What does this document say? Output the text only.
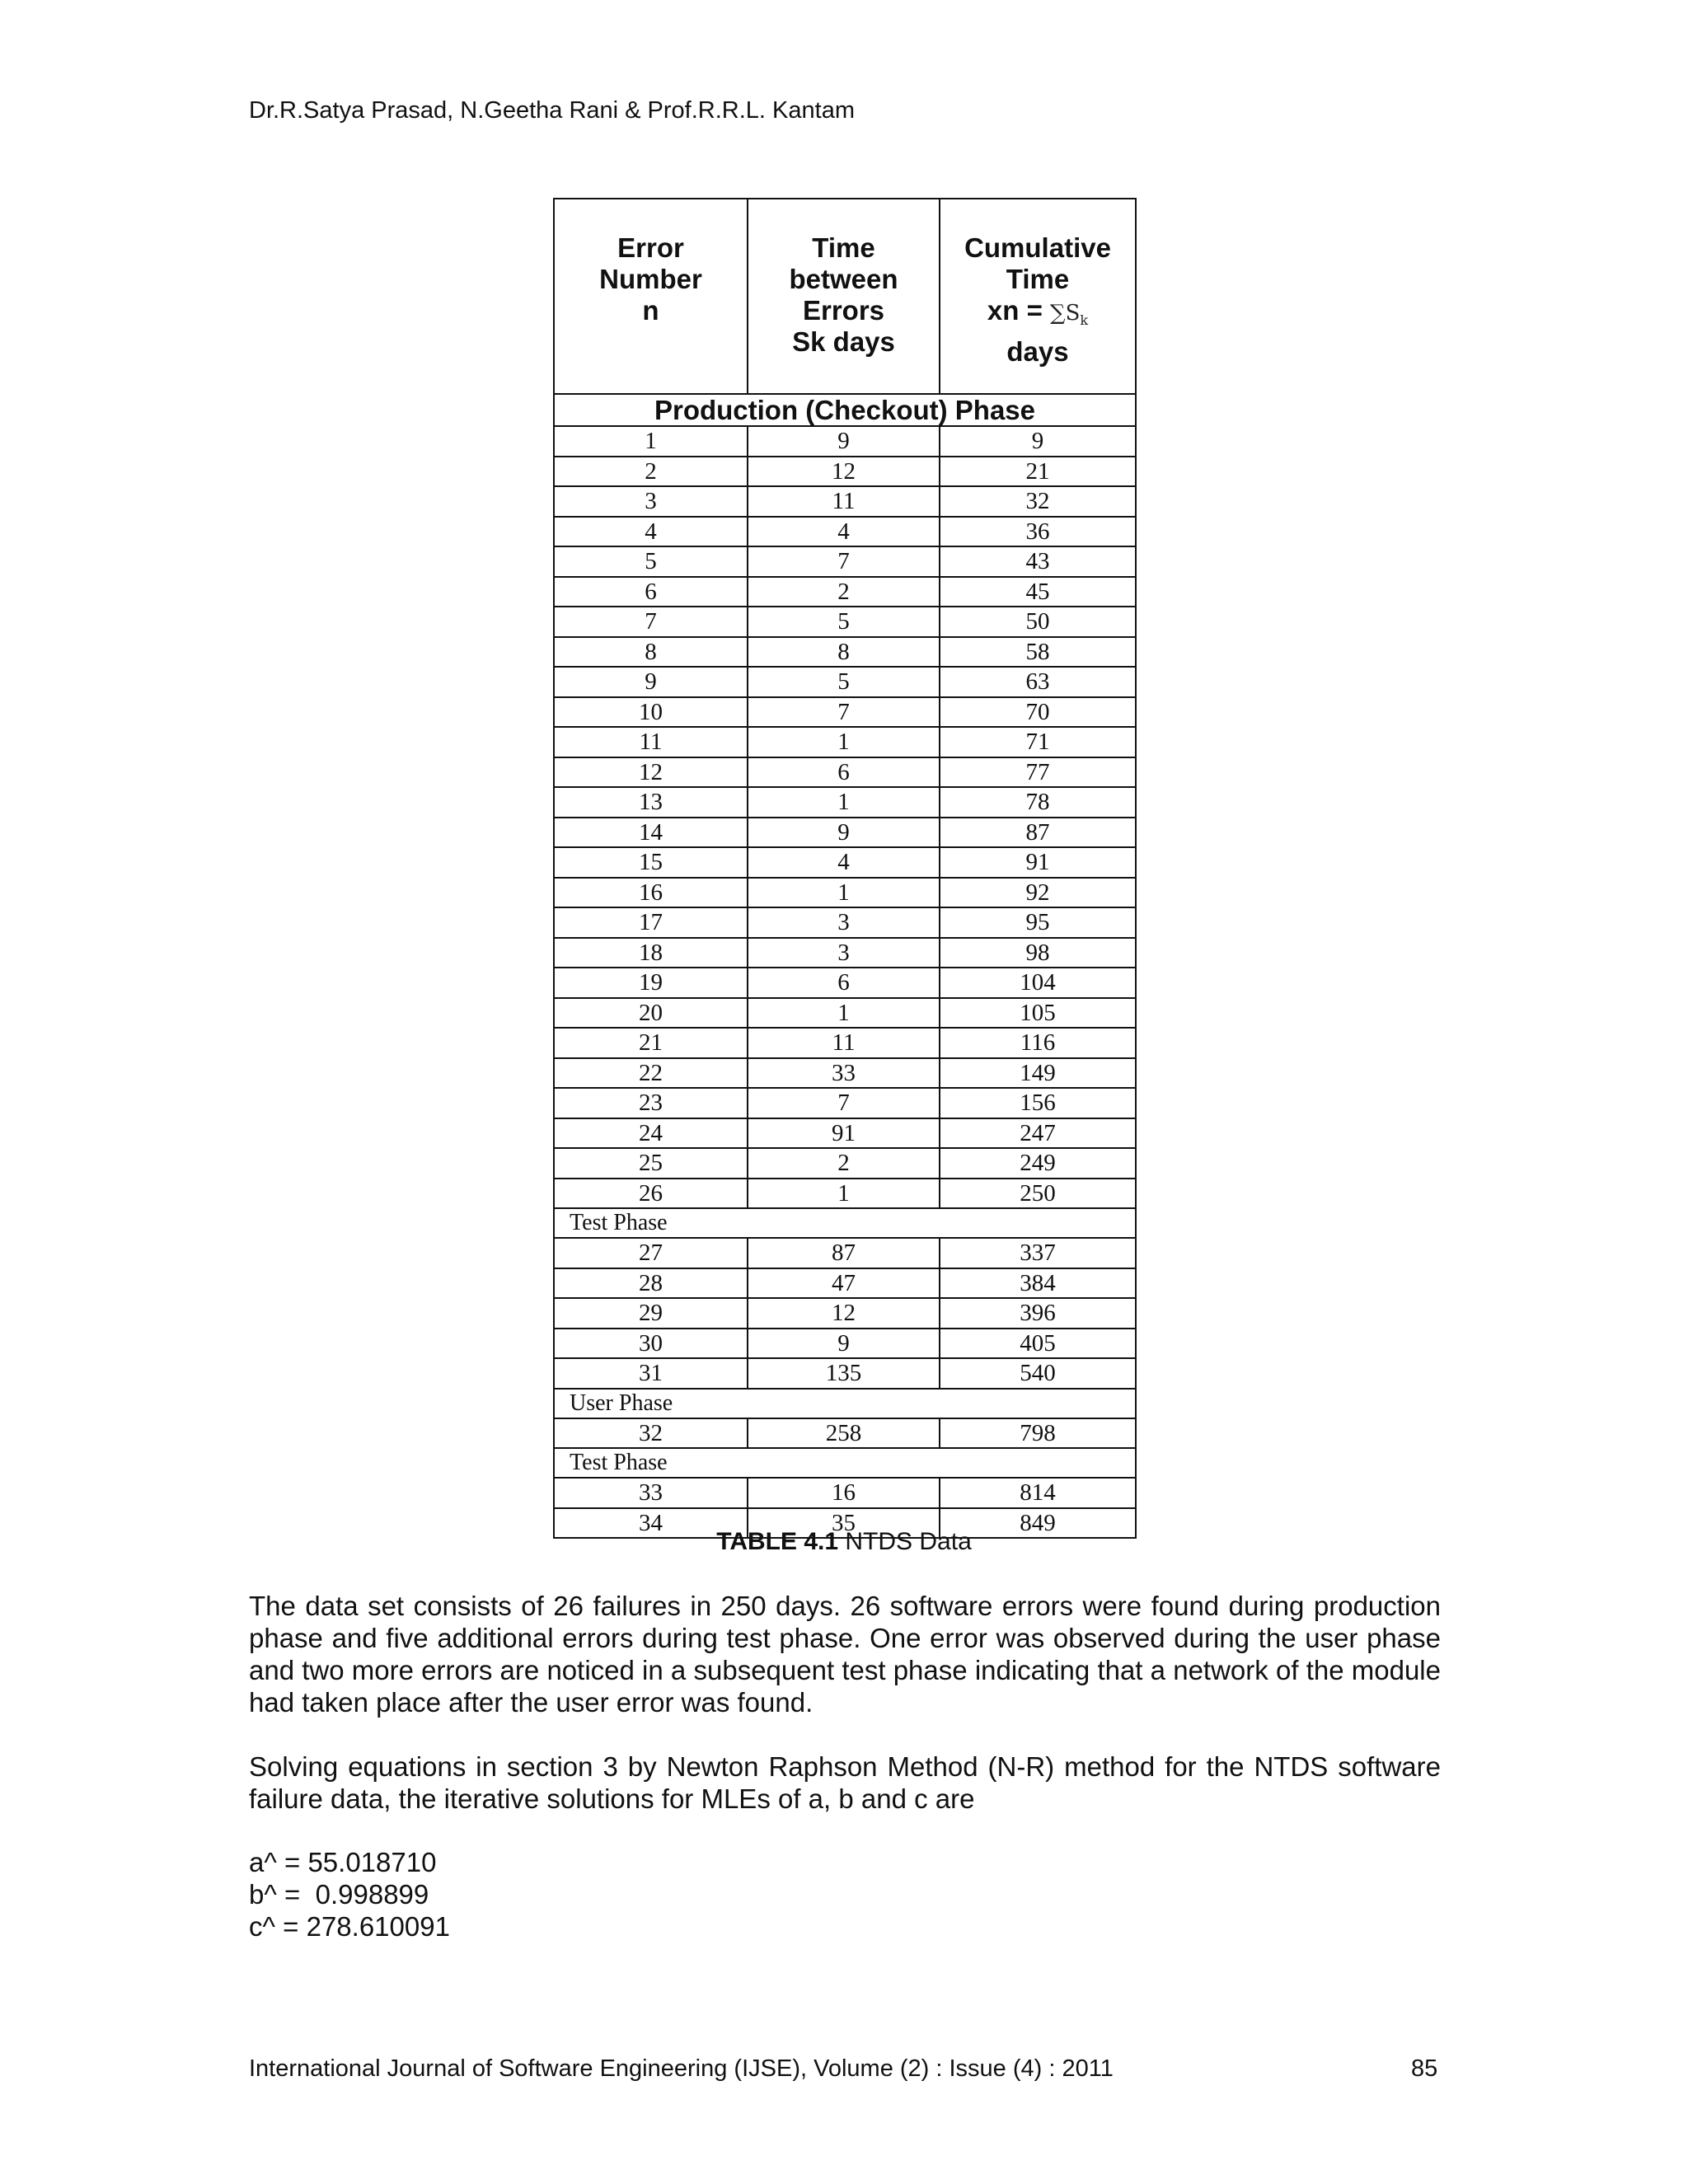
Dr.R.Satya Prasad, N.Geetha Rani & Prof.R.R.L. Kantam
Error
Number
n	Time
between
Errors
Sk days	Cumulative
Time
xn = $\sum S_k$
days

Production (Checkout) Phase		
1	9	9
2	12	21
3	11	32
4	4	36
5	7	43
6	2	45
7	5	50
8	8	58
9	5	63
10	7	70
11	1	71
12	6	77
13	1	78
14	9	87
15	4	91
16	1	92
17	3	95
18	3	98
19	6	104
20	1	105
21	11	116
22	33	149
23	7	156
24	91	247
25	2	249
26	1	250
Test Phase		
27	87	337
28	47	384
29	12	396
30	9	405
31	135	540
User Phase		
32	258	798
Test Phase		
33	16	814
34	35	849
TABLE 4.1 NTDS Data

The data set consists of 26 failures in 250 days. 26 software errors were found during production phase and five additional errors during test phase. One error was observed during the user phase and two more errors are noticed in a subsequent test phase indicating that a network of the module had taken place after the user error was found.

Solving equations in section 3 by Newton Raphson Method (N-R) method for the NTDS software failure data, the iterative solutions for MLEs of a, b and c are

a^ = 55.018710
b^ =  0.998899
c^ = 278.610091
International Journal of Software Engineering (IJSE), Volume (2) : Issue (4) : 2011	85
